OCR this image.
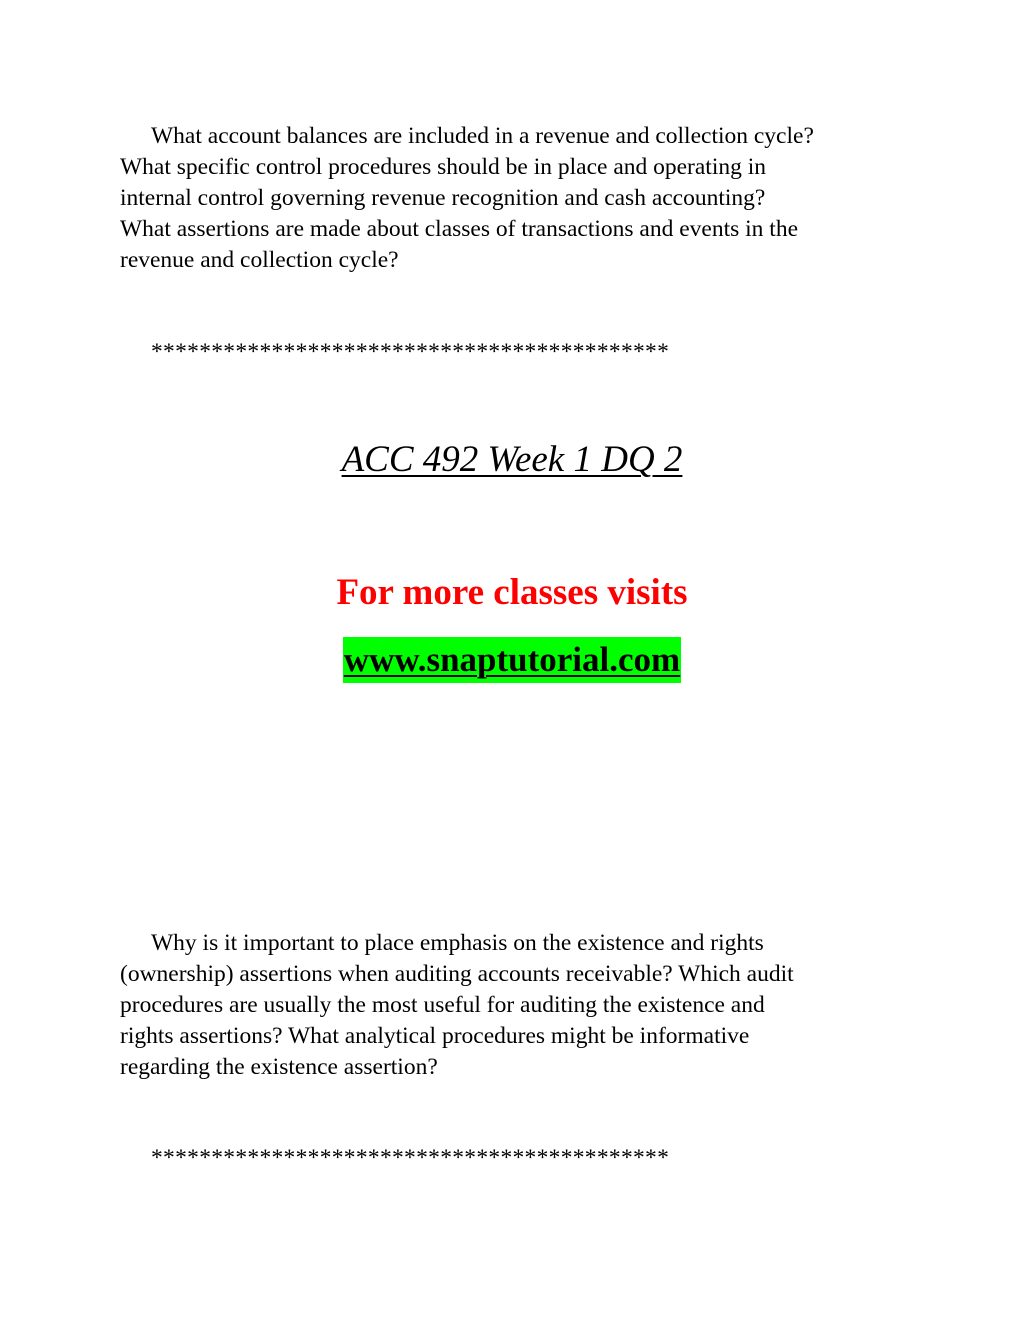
What account balances are included in a revenue and collection cycle?
What specific control procedures should be in place and operating in
internal control governing revenue recognition and cash accounting?
What assertions are made about classes of transactions and events in the
revenue and collection cycle?

*******************************************
ACC 492 Week 1 DQ 2
For more classes visits
www.snaptutorial.com

Why is it important to place emphasis on the existence and rights
(ownership) assertions when auditing accounts receivable? Which audit
procedures are usually the most useful for auditing the existence and
rights assertions? What analytical procedures might be informative
regarding the existence assertion?

*******************************************
